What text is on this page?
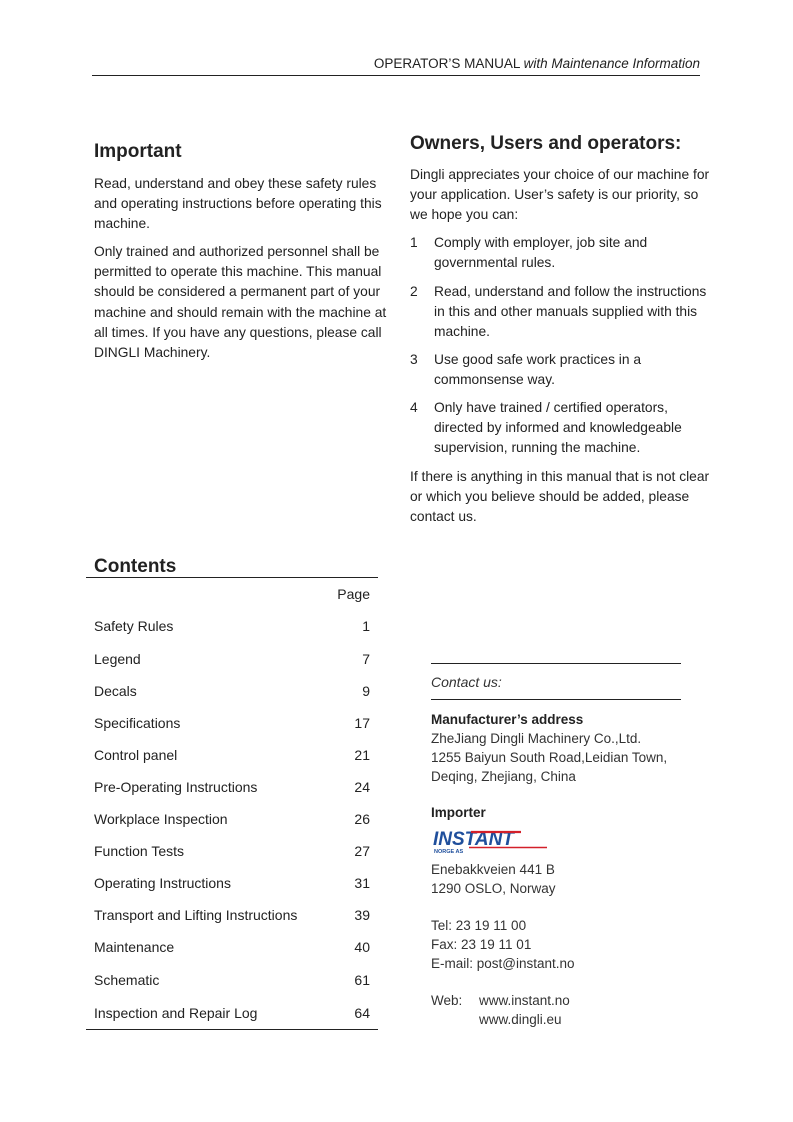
OPERATOR’S MANUAL with Maintenance Information
Important
Read, understand and obey these safety rules and operating instructions before operating this machine.
Only trained and authorized personnel shall be permitted to operate this machine. This manual should be considered a permanent part of your machine and should remain with the machine at all times. If you have any questions, please call DINGLI Machinery.
Owners, Users and operators:
Dingli appreciates your choice of our machine for your application. User’s safety is our priority, so we hope you can:
1 Comply with employer, job site and governmental rules.
2 Read, understand and follow the instructions in this and other manuals supplied with this machine.
3 Use good safe work practices in a commonsense way.
4 Only have trained / certified operators, directed by informed and knowledgeable supervision, running the machine.
If there is anything in this manual that is not clear or which you believe should be added, please contact us.
Contents
Page
Safety Rules	1
Legend	7
Decals	9
Specifications	17
Control panel	21
Pre-Operating Instructions	24
Workplace Inspection	26
Function Tests	27
Operating Instructions	31
Transport and Lifting Instructions	39
Maintenance	40
Schematic	61
Inspection and Repair Log	64
Contact us:
Manufacturer’s address
ZheJiang Dingli Machinery Co.,Ltd.
1255 Baiyun South Road,Leidian Town,
Deqing, Zhejiang, China
Importer
INSTANT
NORGE AS
Enebakkveien 441 B
1290 OSLO, Norway
Tel: 23 19 11 00
Fax: 23 19 11 01
E-mail: post@instant.no
Web: www.instant.no
www.dingli.eu
